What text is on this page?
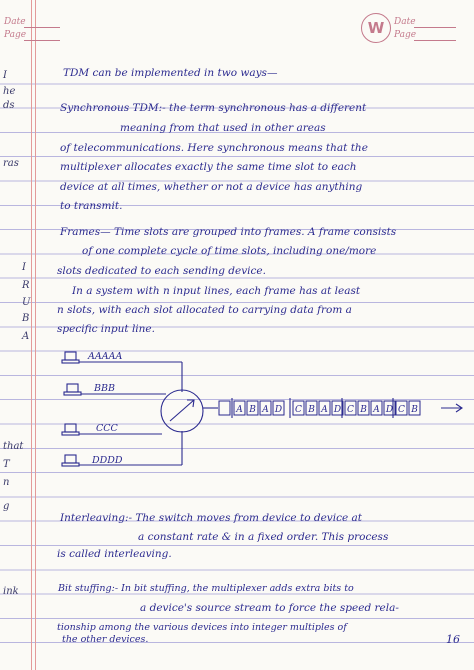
Date
Page	W	Date
Page
I
he
ds
ras
I
R
U
B
A
that
T
n
g
ink
TDM can be implemented in two ways—
Synchronous TDM:- the term synchronous has a different
meaning from that used in other areas
of telecommunications. Here synchronous means that the
multiplexer allocates exactly the same time slot to each
device at all times, whether or not a device has anything
to transmit.
Frames— Time slots are grouped into frames. A frame consists
of one complete cycle of time slots, including one/more
slots dedicated to each sending device.
In a system with n input lines, each frame has at least
n slots, with each slot allocated to carrying data from a
specific input line.
A B A D C B A D C B A D C B
AAAAA
BBB
CCC
DDDD
Interleaving:- The switch moves from device to device at
a constant rate & in a fixed order. This process
is called interleaving.
Bit stuffing:- In bit stuffing, the multiplexer adds extra bits to
a device's source stream to force the speed rela-
tionship among the various devices into integer multiples of
the other devices.	16
